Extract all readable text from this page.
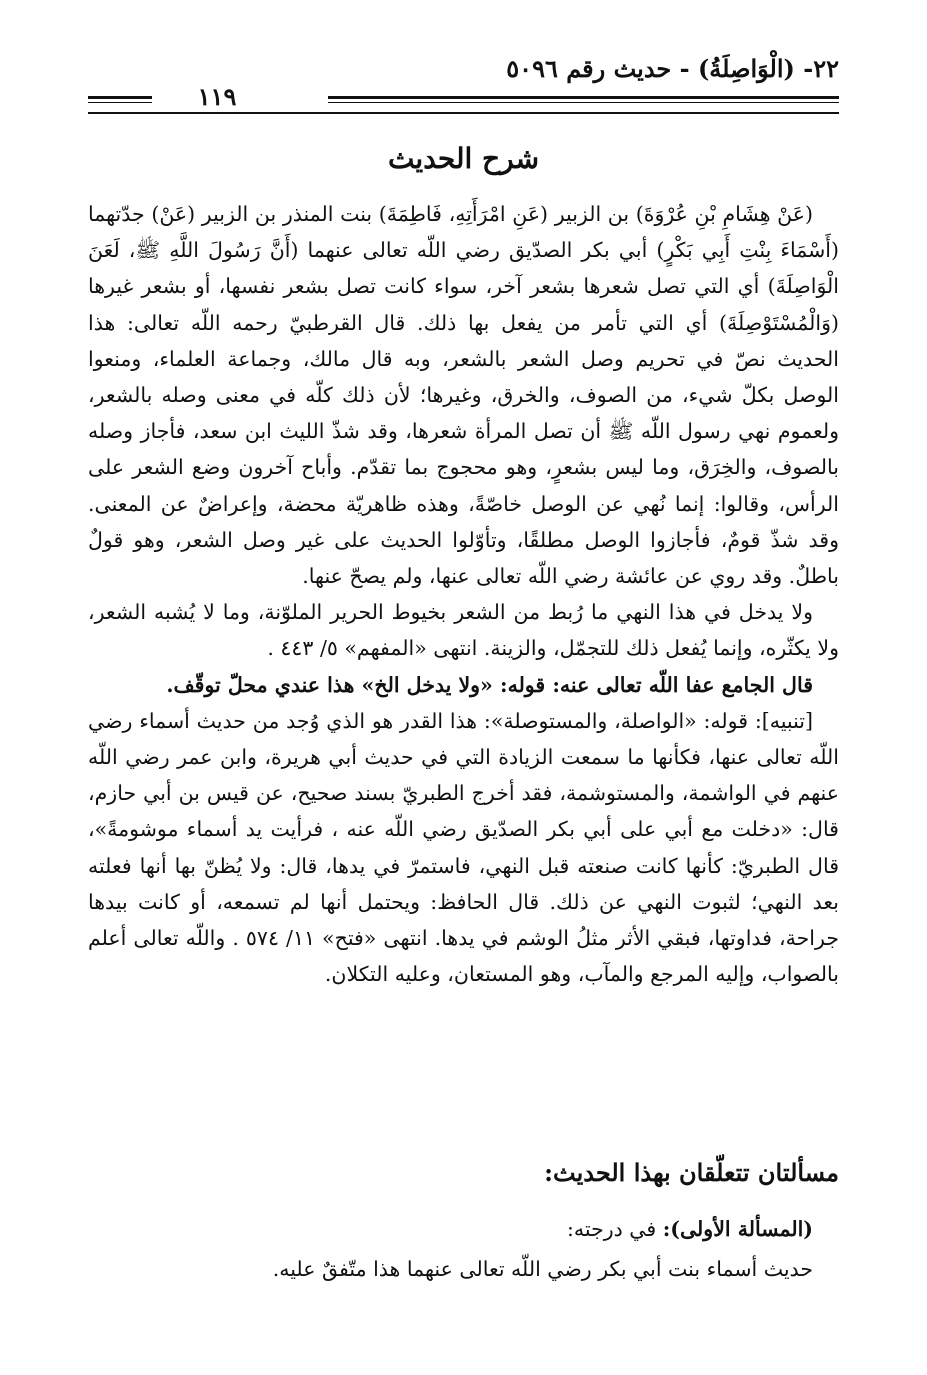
٢٢- (الْوَاصِلَةُ) - حديث رقم ٥٠٩٦
١١٩
شرح الحديث

(عَنْ هِشَامِ بْنِ عُرْوَةَ) بن الزبير (عَنِ امْرَأَتِهِ، فَاطِمَةَ) بنت المنذر بن الزبير (عَنْ) جدّتهما (أَسْمَاءَ بِنْتِ أَبِي بَكْرٍ) أبي بكر الصدّيق رضي اللّه تعالى عنهما (أَنَّ رَسُولَ اللَّهِ ﷺ، لَعَنَ الْوَاصِلَةَ) أي التي تصل شعرها بشعر آخر، سواء كانت تصل بشعر نفسها، أو بشعر غيرها (وَالْمُسْتَوْصِلَةَ) أي التي تأمر من يفعل بها ذلك. قال القرطبيّ رحمه اللّه تعالى: هذا الحديث نصّ في تحريم وصل الشعر بالشعر، وبه قال مالك، وجماعة العلماء، ومنعوا الوصل بكلّ شيء، من الصوف، والخرق، وغيرها؛ لأن ذلك كلّه في معنى وصله بالشعر، ولعموم نهي رسول اللّه ﷺ أن تصل المرأة شعرها، وقد شذّ الليث ابن سعد، فأجاز وصله بالصوف، والخِرَق، وما ليس بشعرٍ، وهو محجوج بما تقدّم. وأباح آخرون وضع الشعر على الرأس، وقالوا: إنما نُهي عن الوصل خاصّةً، وهذه ظاهريّة محضة، وإعراضٌ عن المعنى. وقد شذّ قومٌ، فأجازوا الوصل مطلقًا، وتأوّلوا الحديث على غير وصل الشعر، وهو قولٌ باطلٌ. وقد روي عن عائشة رضي اللّه تعالى عنها، ولم يصحّ عنها.

ولا يدخل في هذا النهي ما رُبط من الشعر بخيوط الحرير الملوّنة، وما لا يُشبه الشعر، ولا يكثّره، وإنما يُفعل ذلك للتجمّل، والزينة. انتهى «المفهم» ٥/ ٤٤٣ .

قال الجامع عفا اللّه تعالى عنه: قوله: «ولا يدخل الخ» هذا عندي محلّ توقّف.

[تنبيه]: قوله: «الواصلة، والمستوصلة»: هذا القدر هو الذي وُجد من حديث أسماء رضي اللّه تعالى عنها، فكأنها ما سمعت الزيادة التي في حديث أبي هريرة، وابن عمر رضي اللّه عنهم في الواشمة، والمستوشمة، فقد أخرج الطبريّ بسند صحيح، عن قيس بن أبي حازم، قال: «دخلت مع أبي على أبي بكر الصدّيق رضي اللّه عنه ، فرأيت يد أسماء موشومةً»، قال الطبريّ: كأنها كانت صنعته قبل النهي، فاستمرّ في يدها، قال: ولا يُظنّ بها أنها فعلته بعد النهي؛ لثبوت النهي عن ذلك. قال الحافظ: ويحتمل أنها لم تسمعه، أو كانت بيدها جراحة، فداوتها، فبقي الأثر مثلُ الوشم في يدها. انتهى «فتح» ١١/ ٥٧٤ . واللّه تعالى أعلم بالصواب، وإليه المرجع والمآب، وهو المستعان، وعليه التكلان.

مسألتان تتعلّقان بهذا الحديث:

(المسألة الأولى): في درجته:

حديث أسماء بنت أبي بكر رضي اللّه تعالى عنهما هذا متّفقٌ عليه.
